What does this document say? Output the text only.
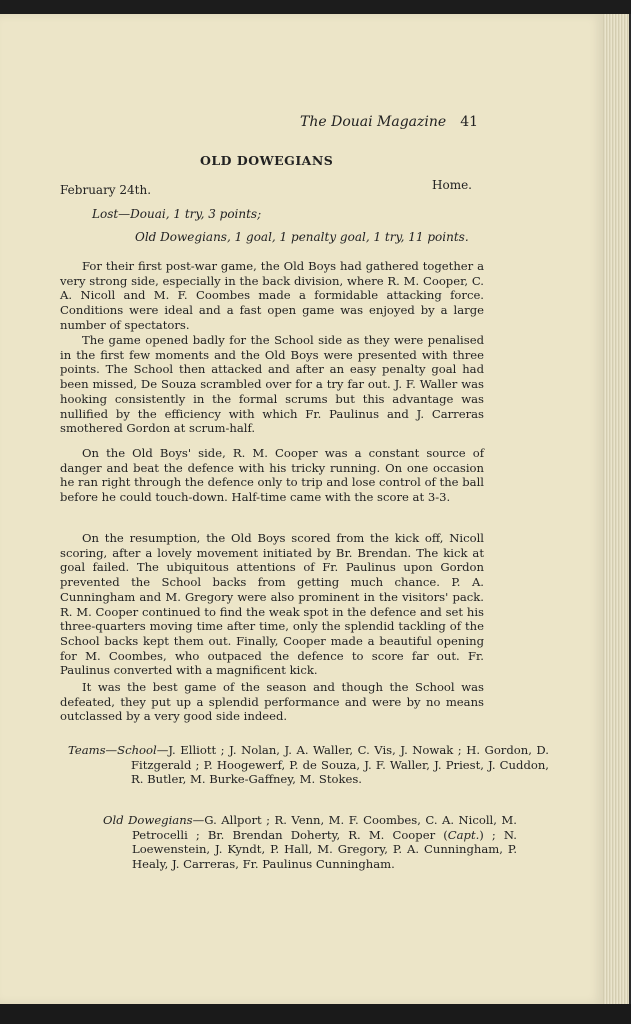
The Douai Magazine 41
OLD DOWEGIANS
February 24th.	Home.
Lost—Douai, 1 try, 3 points;
Old Dowegians, 1 goal, 1 penalty goal, 1 try, 11 points.

For their first post-war game, the Old Boys had gathered together a very strong side, especially in the back division, where R. M. Cooper, C. A. Nicoll and M. F. Coombes made a formidable attacking force. Conditions were ideal and a fast open game was enjoyed by a large number of spectators.

The game opened badly for the School side as they were penalised in the first few moments and the Old Boys were presented with three points. The School then attacked and after an easy penalty goal had been missed, De Souza scrambled over for a try far out. J. F. Waller was hooking consistently in the formal scrums but this advantage was nullified by the efficiency with which Fr. Paulinus and J. Carreras smothered Gordon at scrum-half.

On the Old Boys' side, R. M. Cooper was a constant source of danger and beat the defence with his tricky running. On one occasion he ran right through the defence only to trip and lose control of the ball before he could touch-down. Half-time came with the score at 3-3.

On the resumption, the Old Boys scored from the kick off, Nicoll scoring, after a lovely movement initiated by Br. Brendan. The kick at goal failed. The ubiquitous attentions of Fr. Paulinus upon Gordon prevented the School backs from getting much chance. P. A. Cunningham and M. Gregory were also prominent in the visitors' pack. R. M. Cooper continued to find the weak spot in the defence and set his three-quarters moving time after time, only the splendid tackling of the School backs kept them out. Finally, Cooper made a beautiful opening for M. Coombes, who outpaced the defence to score far out. Fr. Paulinus converted with a magnificent kick.

It was the best game of the season and though the School was defeated, they put up a splendid performance and were by no means outclassed by a very good side indeed.

Teams—School—J. Elliott ; J. Nolan, J. A. Waller, C. Vis, J. Nowak ; H. Gordon, D. Fitzgerald ; P. Hoogewerf, P. de Souza, J. F. Waller, J. Priest, J. Cuddon, R. Butler, M. Burke-Gaffney, M. Stokes.

Old Dowegians—G. Allport ; R. Venn, M. F. Coombes, C. A. Nicoll, M. Petrocelli ; Br. Brendan Doherty, R. M. Cooper (Capt.) ; N. Loewenstein, J. Kyndt, P. Hall, M. Gregory, P. A. Cunningham, P. Healy, J. Carreras, Fr. Paulinus Cunningham.
